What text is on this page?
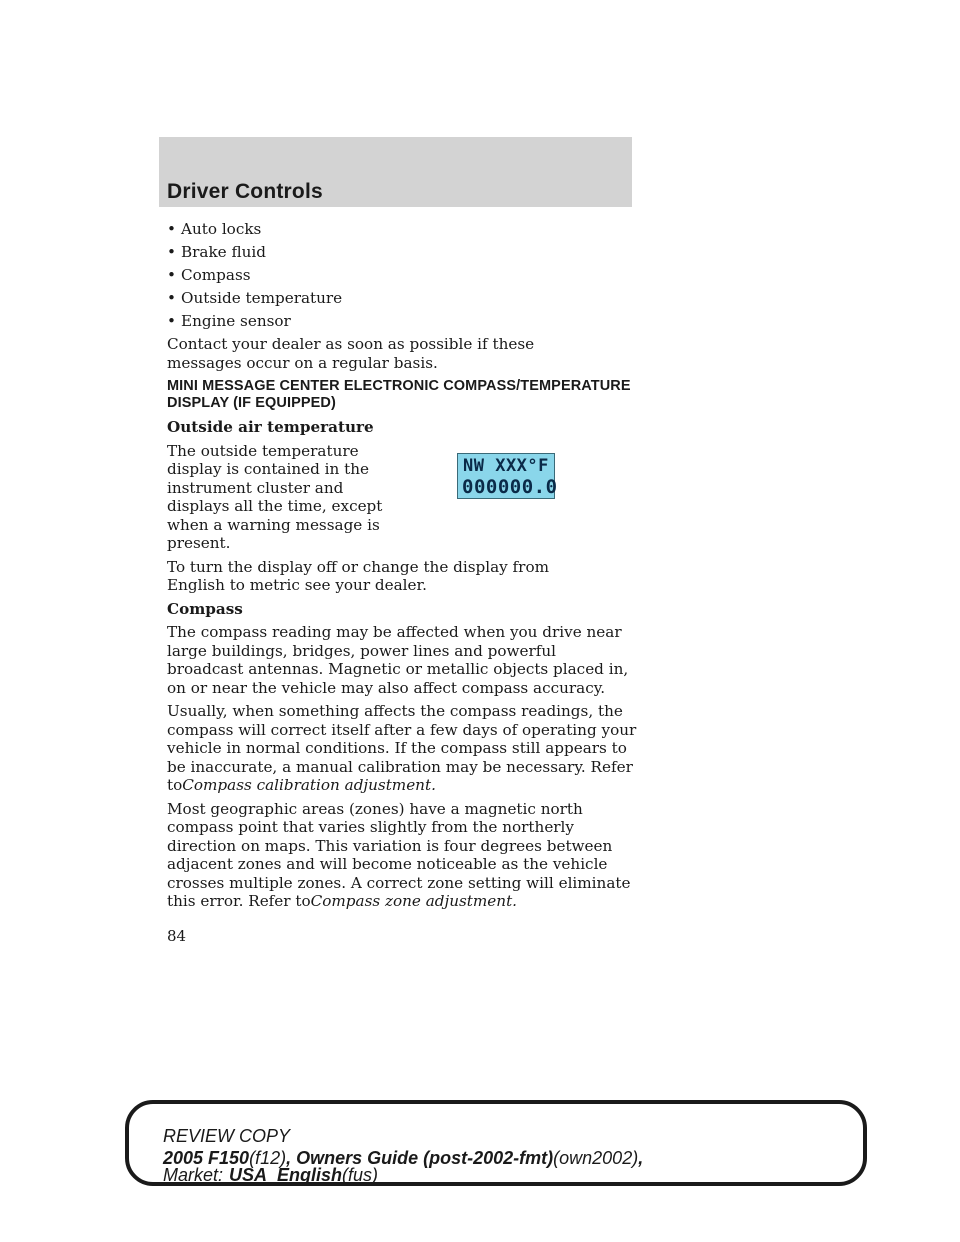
Driver Controls
• Auto locks
• Brake fluid
• Compass
• Outside temperature
• Engine sensor

Contact your dealer as soon as possible if these messages occur on a regular basis.

MINI MESSAGE CENTER ELECTRONIC COMPASS/TEMPERATURE DISPLAY (IF EQUIPPED)

Outside air temperature

The outside temperature display is contained in the instrument cluster and displays all the time, except when a warning message is present.

To turn the display off or change the display from English to metric see your dealer.

Compass

The compass reading may be affected when you drive near large buildings, bridges, power lines and powerful broadcast antennas. Magnetic or metallic objects placed in, on or near the vehicle may also affect compass accuracy.

Usually, when something affects the compass readings, the compass will correct itself after a few days of operating your vehicle in normal conditions. If the compass still appears to be inaccurate, a manual calibration may be necessary. Refer toCompass calibration adjustment.

Most geographic areas (zones) have a magnetic north compass point that varies slightly from the northerly direction on maps. This variation is four degrees between adjacent zones and will become noticeable as the vehicle crosses multiple zones. A correct zone setting will eliminate this error. Refer toCompass zone adjustment.

NW XXX°F
000000.0
84
REVIEW COPY
2005 F150(f12), Owners Guide (post-2002-fmt)(own2002),
Market: USA_English(fus)
